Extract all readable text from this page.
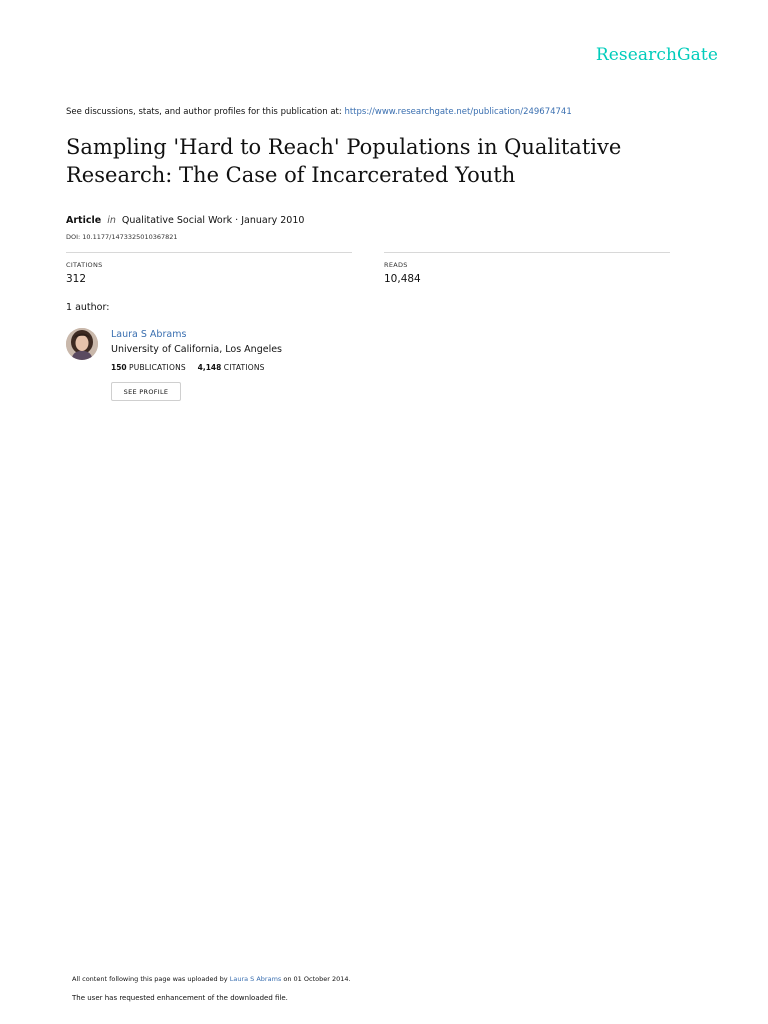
ResearchGate
See discussions, stats, and author profiles for this publication at: https://www.researchgate.net/publication/249674741
Sampling 'Hard to Reach' Populations in Qualitative Research: The Case of Incarcerated Youth
Article in Qualitative Social Work · January 2010
DOI: 10.1177/1473325010367821
CITATIONS
312
READS
10,484
1 author:
Laura S Abrams
University of California, Los Angeles
150 PUBLICATIONS 4,148 CITATIONS
SEE PROFILE
All content following this page was uploaded by Laura S Abrams on 01 October 2014.
The user has requested enhancement of the downloaded file.
